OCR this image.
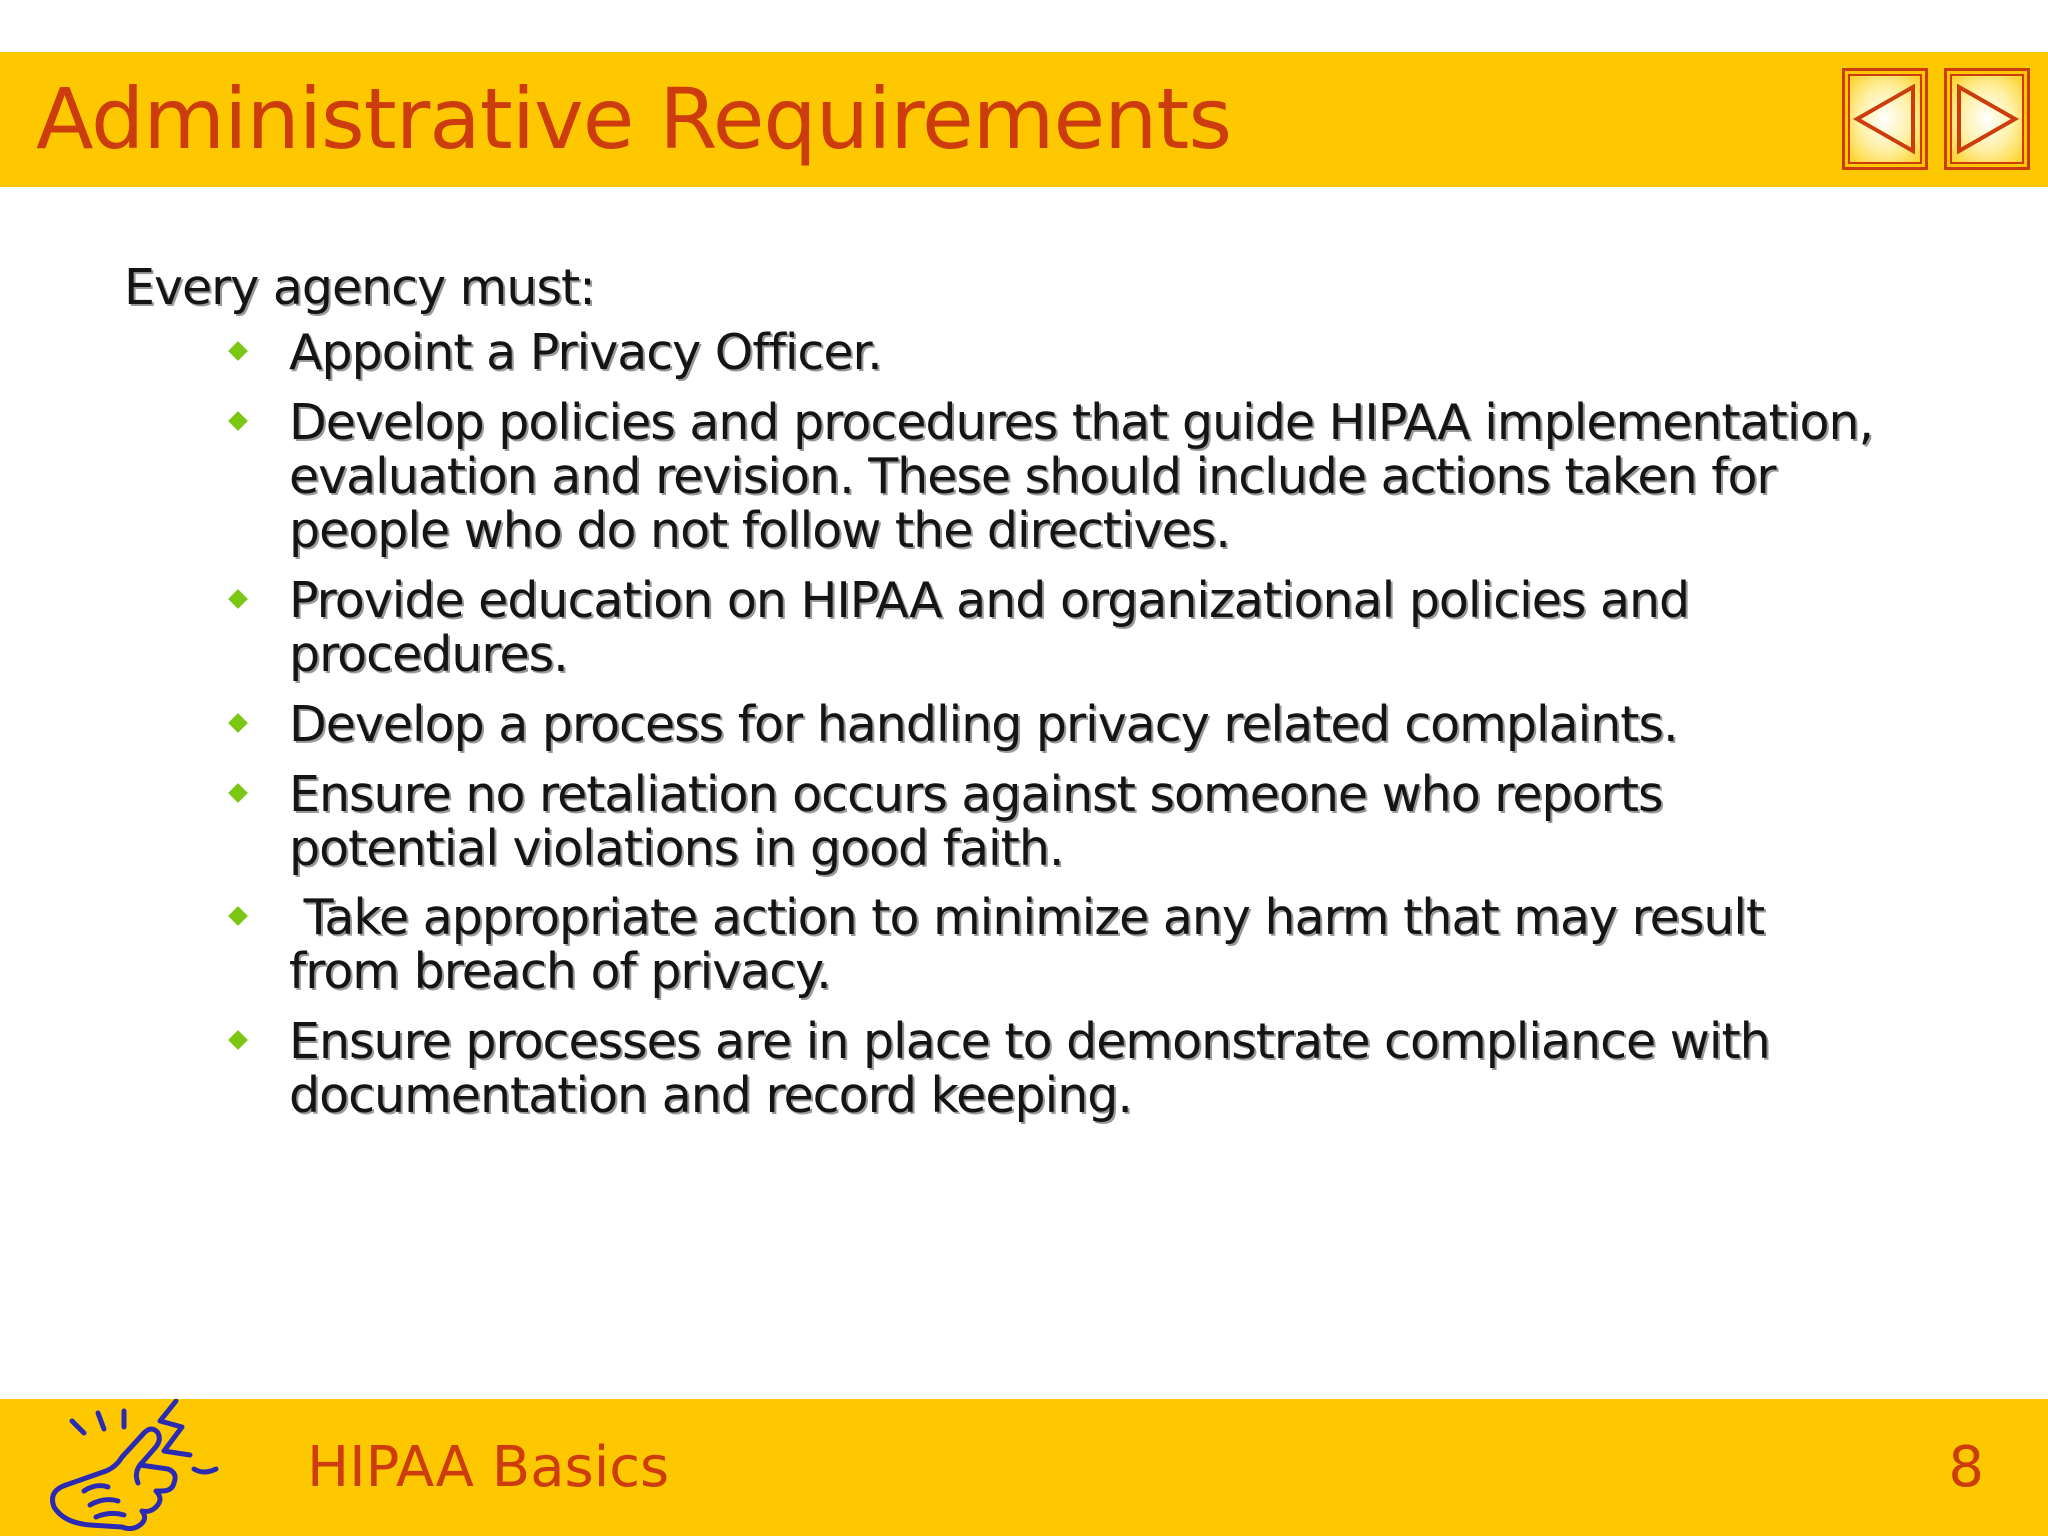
Administrative Requirements
Every agency must:
Appoint a Privacy Officer.
Develop policies and procedures that guide HIPAA implementation,
evaluation and revision. These should include actions taken for
people who do not follow the directives.
Provide education on HIPAA and organizational policies and
procedures.
Develop a process for handling privacy related complaints.
Ensure no retaliation occurs against someone who reports
potential violations in good faith.
Take appropriate action to minimize any harm that may result
from breach of privacy.
Ensure processes are in place to demonstrate compliance with
documentation and record keeping.
HIPAA Basics	8
